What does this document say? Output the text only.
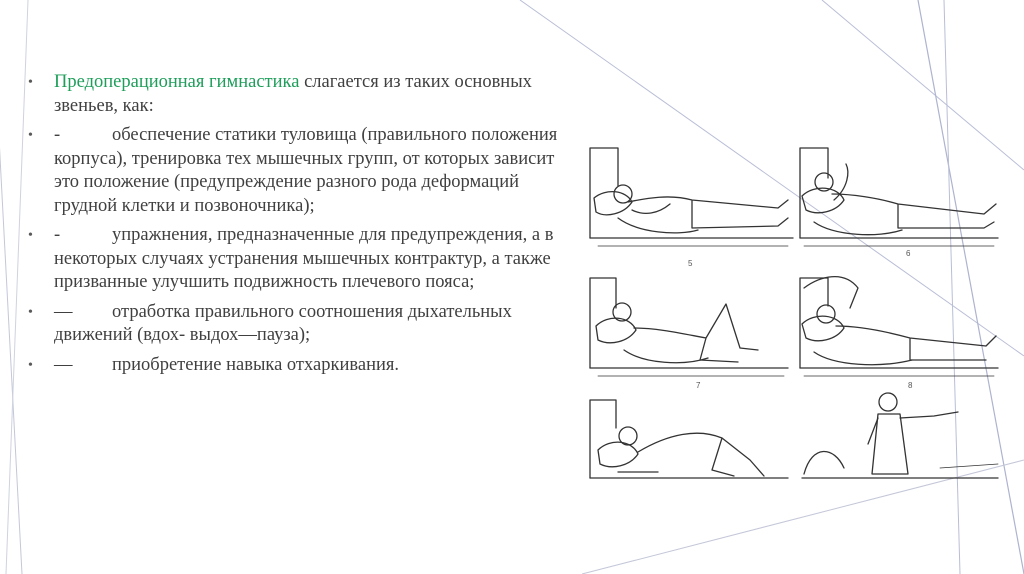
• Предоперационная гимнастика слагается из таких основных звеньев, как:
• -	обеспечение статики туловища (правильного положения корпуса), тренировка тех мышечных групп, от которых зависит это положение (предупреждение разного рода деформаций грудной клетки и позвоночника);
• -	упражнения, предназначенные для предупреждения, а в некоторых случаях устранения мышечных контрактур, а также призванные улучшить подвижность плечевого пояса;
• — отработка правильного соотношения дыхательных движений (вдох- выдох—пауза);
• — приобретение навыка отхаркивания.
5
6
7	8
